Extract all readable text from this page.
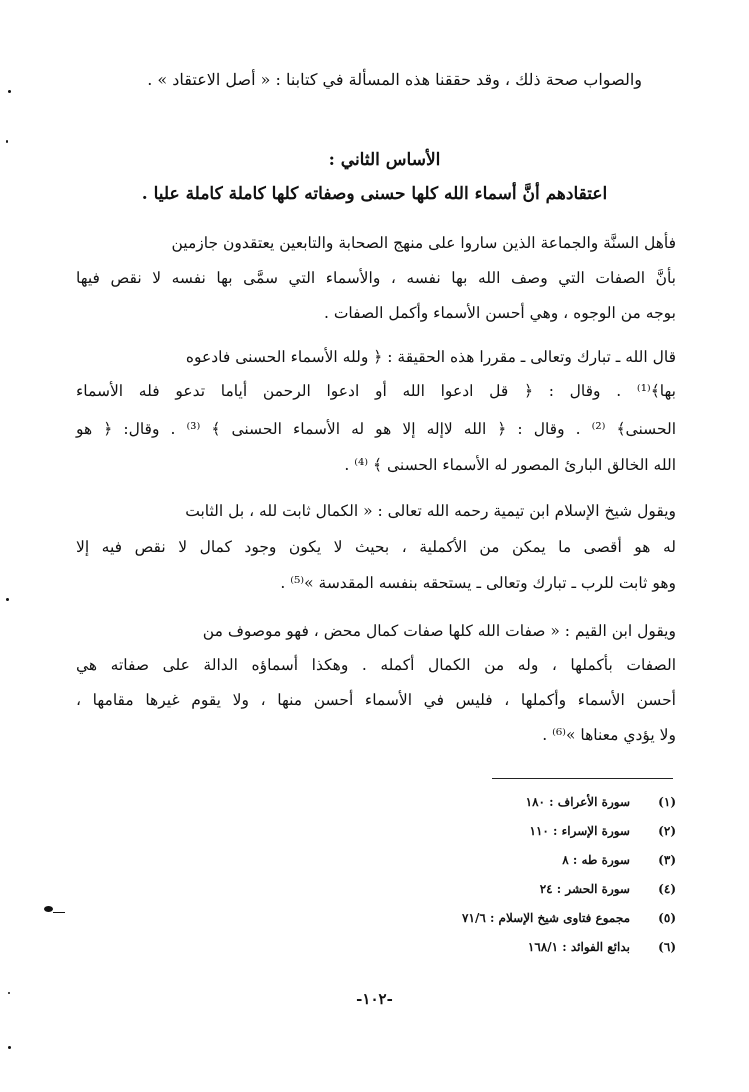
والصواب صحة ذلك ، وقد حققنا هذه المسألة في كتابنا : « أصل الاعتقاد » .
الأساس الثاني :
اعتقادهم أنَّ أسماء الله كلها حسنى وصفاته كلها كاملة كاملة عليا .
فأهل السنَّة والجماعة الذين ساروا على منهج الصحابة والتابعين يعتقدون جازمين
بأنَّ الصفات التي وصف الله بها نفسه ، والأسماء التي سمَّى بها نفسه لا نقص فيها
بوجه من الوجوه ، وهي أحسن الأسماء وأكمل الصفات .
قال الله ـ تبارك وتعالى ـ مقررا هذه الحقيقة : ﴿ ولله الأسماء الحسنى فادعوه
بها﴾⁽¹⁾ . وقال : ﴿ قل ادعوا الله أو ادعوا الرحمن أياما تدعو فله الأسماء
الحسنى﴾ ⁽²⁾ . وقال : ﴿ الله لاإله إلا هو له الأسماء الحسنى ﴾ ⁽³⁾ . وقال: ﴿ هو
الله الخالق البارئ المصور له الأسماء الحسنى ﴾ ⁽⁴⁾ .
ويقول شيخ الإسلام ابن تيمية رحمه الله تعالى : « الكمال ثابت لله ، بل الثابت
له هو أقصى ما يمكن من الأكملية ، بحيث لا يكون وجود كمال لا نقص فيه إلا
وهو ثابت للرب ـ تبارك وتعالى ـ يستحقه بنفسه المقدسة »⁽⁵⁾ .
ويقول ابن القيم : « صفات الله كلها صفات كمال محض ، فهو موصوف من
الصفات بأكملها ، وله من الكمال أكمله . وهكذا أسماؤه الدالة على صفاته هي
أحسن الأسماء وأكملها ، فليس في الأسماء أحسن منها ، ولا يقوم غيرها مقامها ،
ولا يؤدي معناها »⁽⁶⁾ .
(١)سورة الأعراف : ١٨٠
(٢)سورة الإسراء : ١١٠
(٣)سورة طه : ٨
(٤)سورة الحشر : ٢٤
(٥)مجموع فتاوى شيخ الإسلام : ٧١/٦
(٦)بدائع الفوائد : ١٦٨/١
-١٠٢-
